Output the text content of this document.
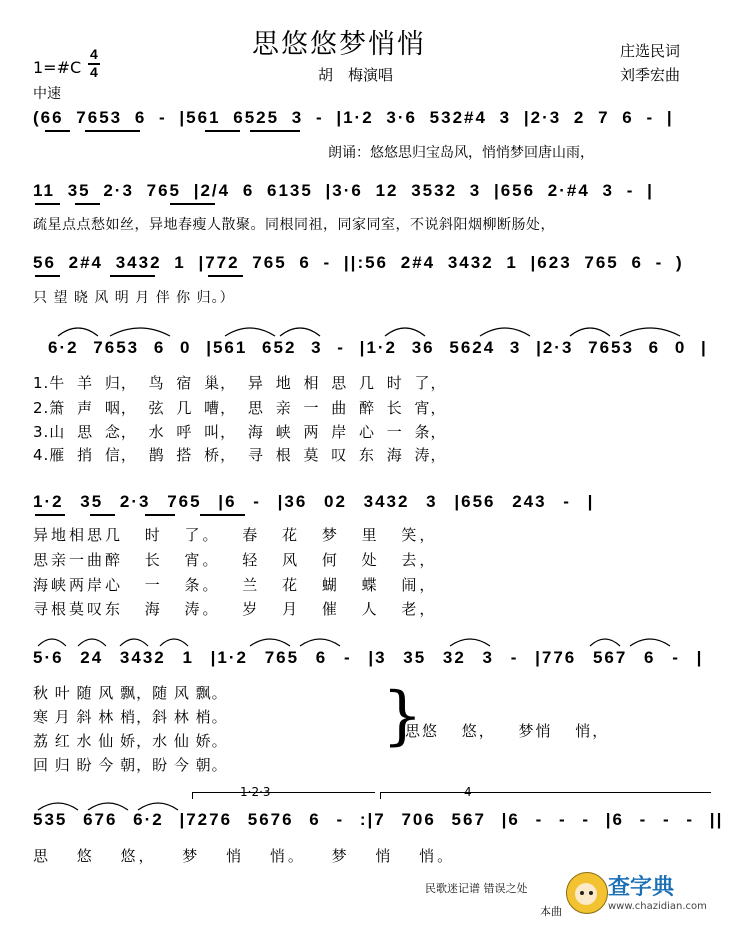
思悠悠梦悄悄
1=#C
4
4
中速
胡　梅演唱
庄选民词
刘季宏曲
(66 7653 6 - |561 6525 3 - |1·2 3·6 532#4 3 |2·3 2 7 6 - |
朗诵：悠悠思归宝岛风，悄悄梦回唐山雨，
11 35 2·3 765 |2/4 6 6135 |3·6 12 3532 3 |656 2·#4 3 - |
疏星点点愁如丝，异地春瘦人散聚。同根同祖，同家同室，不说斜阳烟柳断肠处，
56 2#4 3432 1 |772 765 6 - ||:56 2#4 3432 1 |623 765 6 - )
只 望 晓 风 明 月 伴 你 归。）
6·2 7653 6 0 |561 652 3 - |1·2 36 5624 3 |2·3 7653 6 0 |
1.牛 羊 归， 鸟 宿 巢， 异 地 相 思 几 时 了，
2.箫 声 咽， 弦 几 嘈， 思 亲 一 曲 醉 长 宵，
3.山 思 念， 水 呼 叫， 海 峡 两 岸 心 一 条，
4.雁 捎 信， 鹊 搭 桥， 寻 根 莫 叹 东 海 涛，
1·2 35 2·3 765 |6 - |36 02 3432 3 |656 243 - |
异地相思几 时 了。 春 花 梦 里 笑，
思亲一曲醉 长 宵。 轻 风 何 处 去，
海峡两岸心 一 条。 兰 花 蝴 蝶 闹，
寻根莫叹东 海 涛。 岁 月 催 人 老，
5·6 24 3432 1 |1·2 765 6 - |3 35 32 3 - |776 567 6 - |
秋 叶 随 风 飘，随 风 飘。
寒 月 斜 林 梢，斜 林 梢。
荔 红 水 仙 娇，水 仙 娇。
回 归 盼 今 朝，盼 今 朝。
}
思悠 悠， 梦悄 悄，
1·2·3	4
535 676 6·2 |7276 5676 6 - :|7 706 567 |6 - - - |6 - - - ||
思 悠 悠， 梦 悄 悄。 梦 悄 悄。
民歌迷记谱 错误之处
本曲
查字典
www.chazidian.com
